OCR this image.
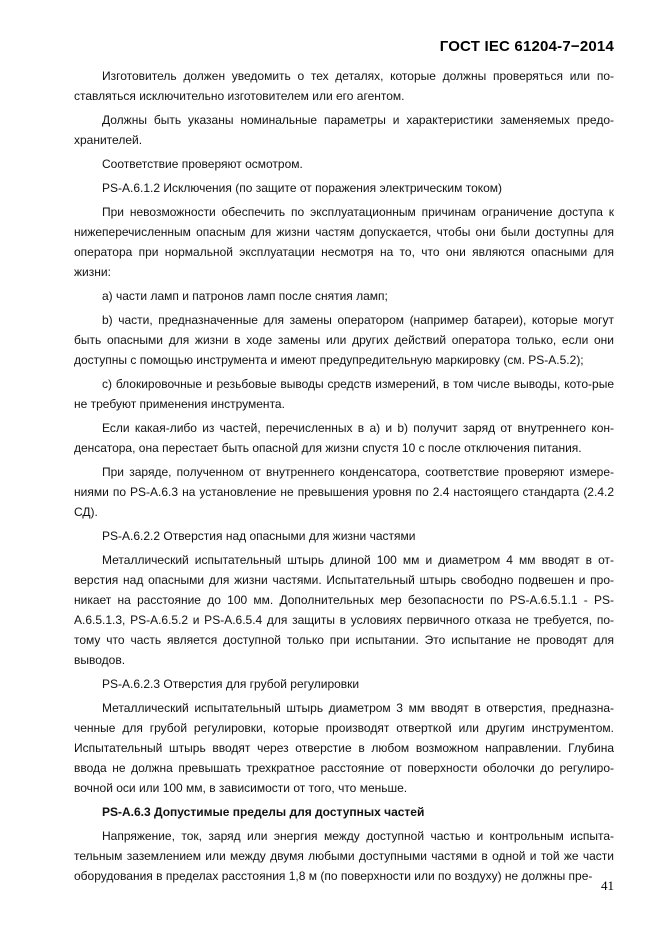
ГОСТ IEC 61204-7−2014

Изготовитель должен уведомить о тех деталях, которые должны проверяться или по-ставляться исключительно изготовителем или его агентом.

Должны быть указаны номинальные параметры и характеристики заменяемых предо-хранителей.

Соответствие проверяют осмотром.

PS-A.6.1.2 Исключения (по защите от поражения электрическим током)

При невозможности обеспечить по эксплуатационным причинам ограничение доступа к нижеперечисленным опасным для жизни частям допускается, чтобы они были доступны для оператора при нормальной эксплуатации несмотря на то, что они являются опасными для жизни:

а) части ламп и патронов ламп после снятия ламп;

b) части, предназначенные для замены оператором (например батареи), которые могут быть опасными для жизни в ходе замены или других действий оператора только, если они доступны с помощью инструмента и имеют предупредительную маркировку (см. PS-A.5.2);

c) блокировочные и резьбовые выводы средств измерений, в том числе выводы, кото-рые не требуют применения инструмента.

Если какая-либо из частей, перечисленных в а) и b) получит заряд от внутреннего кон-денсатора, она перестает быть опасной для жизни спустя 10 с после отключения питания.

При заряде, полученном от внутреннего конденсатора, соответствие проверяют измере-ниями по PS-A.6.3 на установление не превышения уровня по 2.4 настоящего стандарта (2.4.2 СД).

PS-A.6.2.2 Отверстия над опасными для жизни частями

Металлический испытательный штырь длиной 100 мм и диаметром 4 мм вводят в от-верстия над опасными для жизни частями. Испытательный штырь свободно подвешен и про-никает на расстояние до 100 мм. Дополнительных мер безопасности по PS-A.6.5.1.1 - PS-A.6.5.1.3, PS-A.6.5.2 и PS-A.6.5.4 для защиты в условиях первичного отказа не требуется, по-тому что часть является доступной только при испытании. Это испытание не проводят для выводов.

PS-A.6.2.3 Отверстия для грубой регулировки

Металлический испытательный штырь диаметром 3 мм вводят в отверстия, предназна-ченные для грубой регулировки, которые производят отверткой или другим инструментом. Испытательный штырь вводят через отверстие в любом возможном направлении. Глубина ввода не должна превышать трехкратное расстояние от поверхности оболочки до регулиро-вочной оси или 100 мм, в зависимости от того, что меньше.

PS-A.6.3 Допустимые пределы для доступных частей

Напряжение, ток, заряд или энергия между доступной частью и контрольным испыта-тельным заземлением или между двумя любыми доступными частями в одной и той же части оборудования в пределах расстояния 1,8 м (по поверхности или по воздуху) не должны пре-

41
